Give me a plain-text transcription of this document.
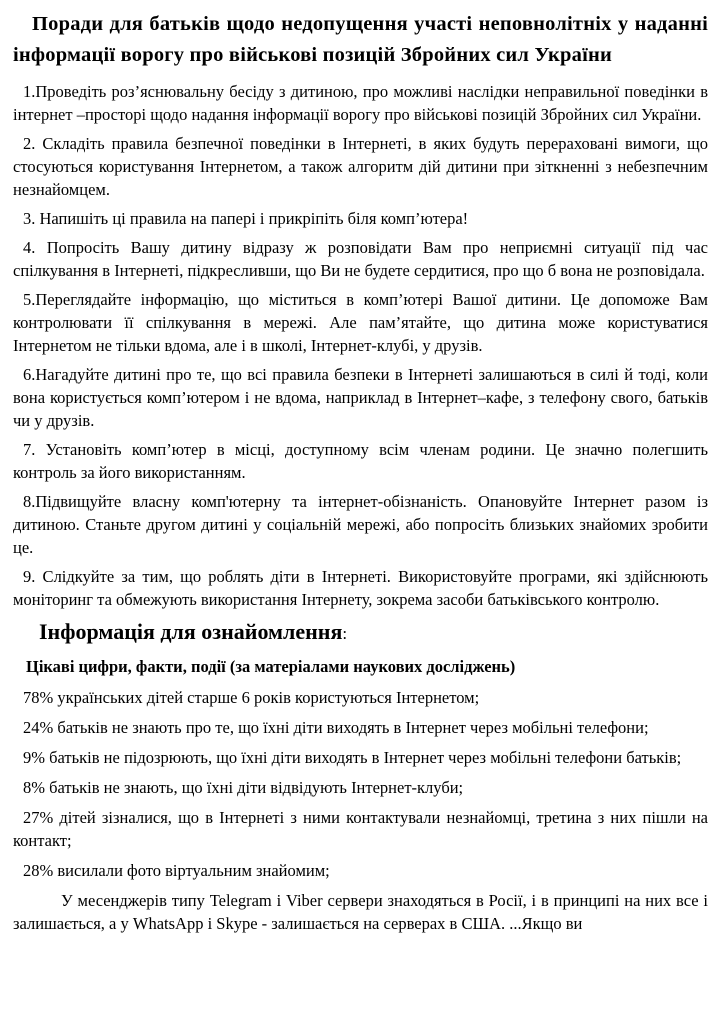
Поради для батьків щодо недопущення участі неповнолітніх у наданні інформації ворогу про військові позицій Збройних сил України

1.Проведіть роз’яснювальну бесіду з дитиною, про можливі наслідки неправильної поведінки в інтернет –просторі щодо надання інформації ворогу про військові позицій Збройних сил України.

2. Складіть правила безпечної поведінки в Інтернеті, в яких будуть перераховані вимоги, що стосуються користування Інтернетом, а також алгоритм дій дитини при зіткненні з небезпечним незнайомцем.

3. Напишіть ці правила на папері і прикріпіть біля комп’ютера!

4. Попросіть Вашу дитину відразу ж розповідати Вам про неприємні ситуації під час спілкування в Інтернеті, підкресливши, що Ви не будете сердитися, про що б вона не розповідала.

5.Переглядайте інформацію, що міститься в комп’ютері Вашої дитини. Це допоможе Вам контролювати її спілкування в мережі. Але пам’ятайте, що дитина може користуватися Інтернетом не тільки вдома, але і в школі, Інтернет-клубі, у друзів.

6.Нагадуйте дитині про те, що всі правила безпеки в Інтернеті залишаються в силі й тоді, коли вона користується комп’ютером і не вдома, наприклад в Інтернет–кафе, з телефону свого, батьків чи у друзів.

7. Установіть комп’ютер в місці, доступному всім членам родини. Це значно полегшить контроль за його використанням.

8.Підвищуйте власну комп'ютерну та інтернет-обізнаність. Опановуйте Інтернет разом із дитиною. Станьте другом дитині у соціальній мережі, або попросіть близьких знайомих зробити це.

9. Слідкуйте за тим, що роблять діти в Інтернеті. Використовуйте програми, які здійснюють моніторинг та обмежують використання Інтернету, зокрема засоби батьківського контролю.

Інформація для ознайомлення:
Цікаві цифри, факти, події (за матеріалами наукових досліджень)

78% українських дітей старше 6 років користуються Інтернетом;

24% батьків не знають про те, що їхні діти виходять в Інтернет через мобільні телефони;

9% батьків не підозрюють, що їхні діти виходять в Інтернет через мобільні телефони батьків;

8% батьків не знають, що їхні діти відвідують Інтернет-клуби;

27% дітей зізналися, що в Інтернеті з ними контактували незнайомці, третина з них пішли на контакт;

28% висилали фото віртуальним знайомим;

У месенджерів типу Telegram і Viber сервери знаходяться в Росії, і в принципі на них все і залишається, а у WhatsApp і Skype - залишається на серверах в США. ...Якщо ви
